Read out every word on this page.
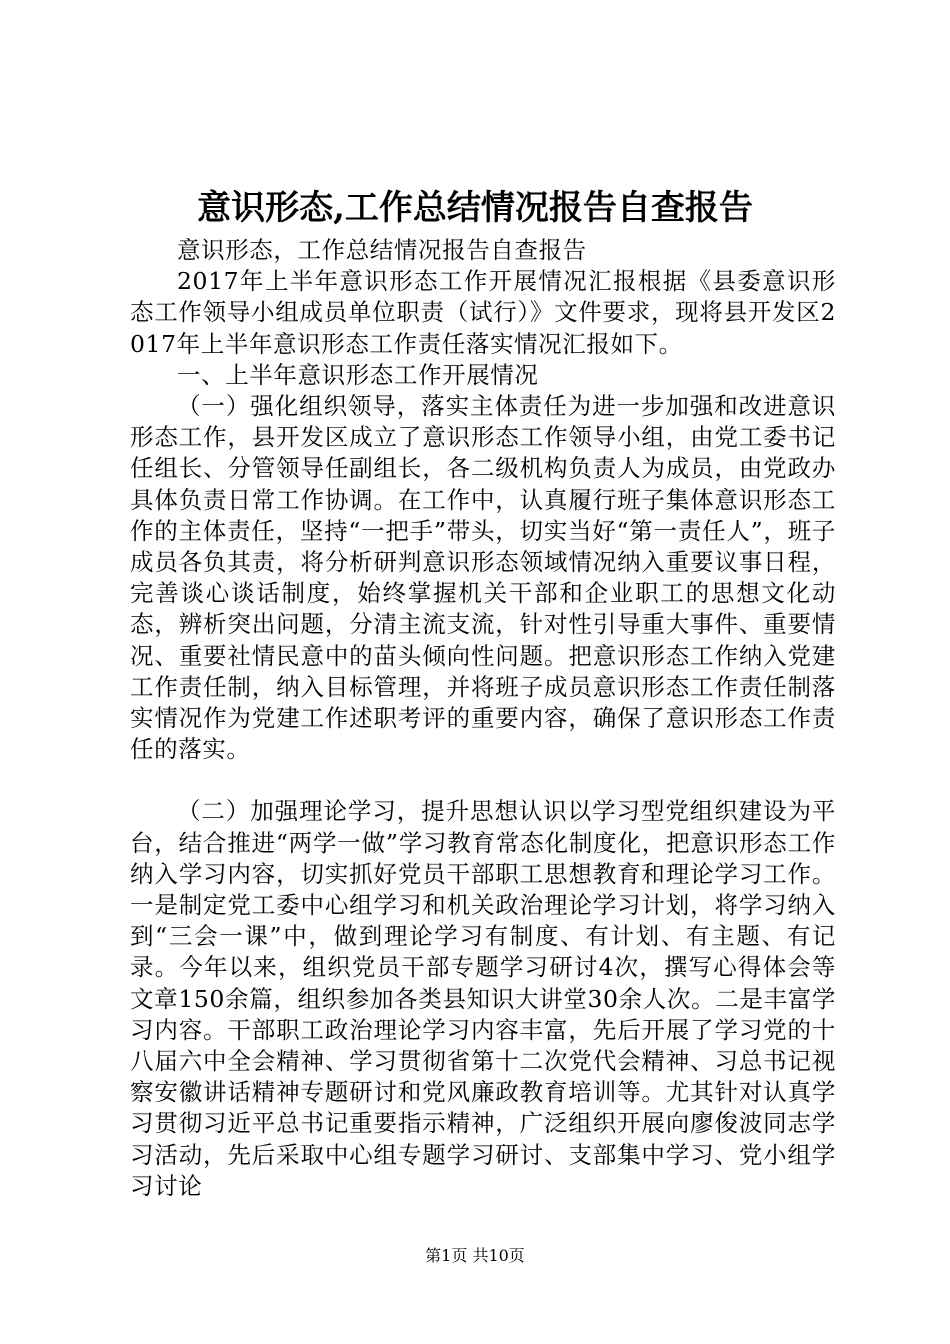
意识形态,工作总结情况报告自查报告

意识形态，工作总结情况报告自查报告

2017年上半年意识形态工作开展情况汇报根据《县委意识形态工作领导小组成员单位职责（试行）》文件要求，现将县开发区2017年上半年意识形态工作责任落实情况汇报如下。

一、上半年意识形态工作开展情况

（一）强化组织领导，落实主体责任为进一步加强和改进意识形态工作，县开发区成立了意识形态工作领导小组，由党工委书记任组长、分管领导任副组长，各二级机构负责人为成员，由党政办具体负责日常工作协调。在工作中，认真履行班子集体意识形态工作的主体责任，坚持“一把手”带头，切实当好“第一责任人”，班子成员各负其责，将分析研判意识形态领域情况纳入重要议事日程，完善谈心谈话制度，始终掌握机关干部和企业职工的思想文化动态，辨析突出问题，分清主流支流，针对性引导重大事件、重要情况、重要社情民意中的苗头倾向性问题。把意识形态工作纳入党建工作责任制，纳入目标管理，并将班子成员意识形态工作责任制落实情况作为党建工作述职考评的重要内容，确保了意识形态工作责任的落实。

（二）加强理论学习，提升思想认识以学习型党组织建设为平台，结合推进“两学一做”学习教育常态化制度化，把意识形态工作纳入学习内容，切实抓好党员干部职工思想教育和理论学习工作。一是制定党工委中心组学习和机关政治理论学习计划，将学习纳入到“三会一课”中，做到理论学习有制度、有计划、有主题、有记录。今年以来，组织党员干部专题学习研讨4次，撰写心得体会等文章150余篇，组织参加各类县知识大讲堂30余人次。二是丰富学习内容。干部职工政治理论学习内容丰富，先后开展了学习党的十八届六中全会精神、学习贯彻省第十二次党代会精神、习总书记视察安徽讲话精神专题研讨和党风廉政教育培训等。尤其针对认真学习贯彻习近平总书记重要指示精神，广泛组织开展向廖俊波同志学习活动，先后采取中心组专题学习研讨、支部集中学习、党小组学习讨论

第1页 共10页
